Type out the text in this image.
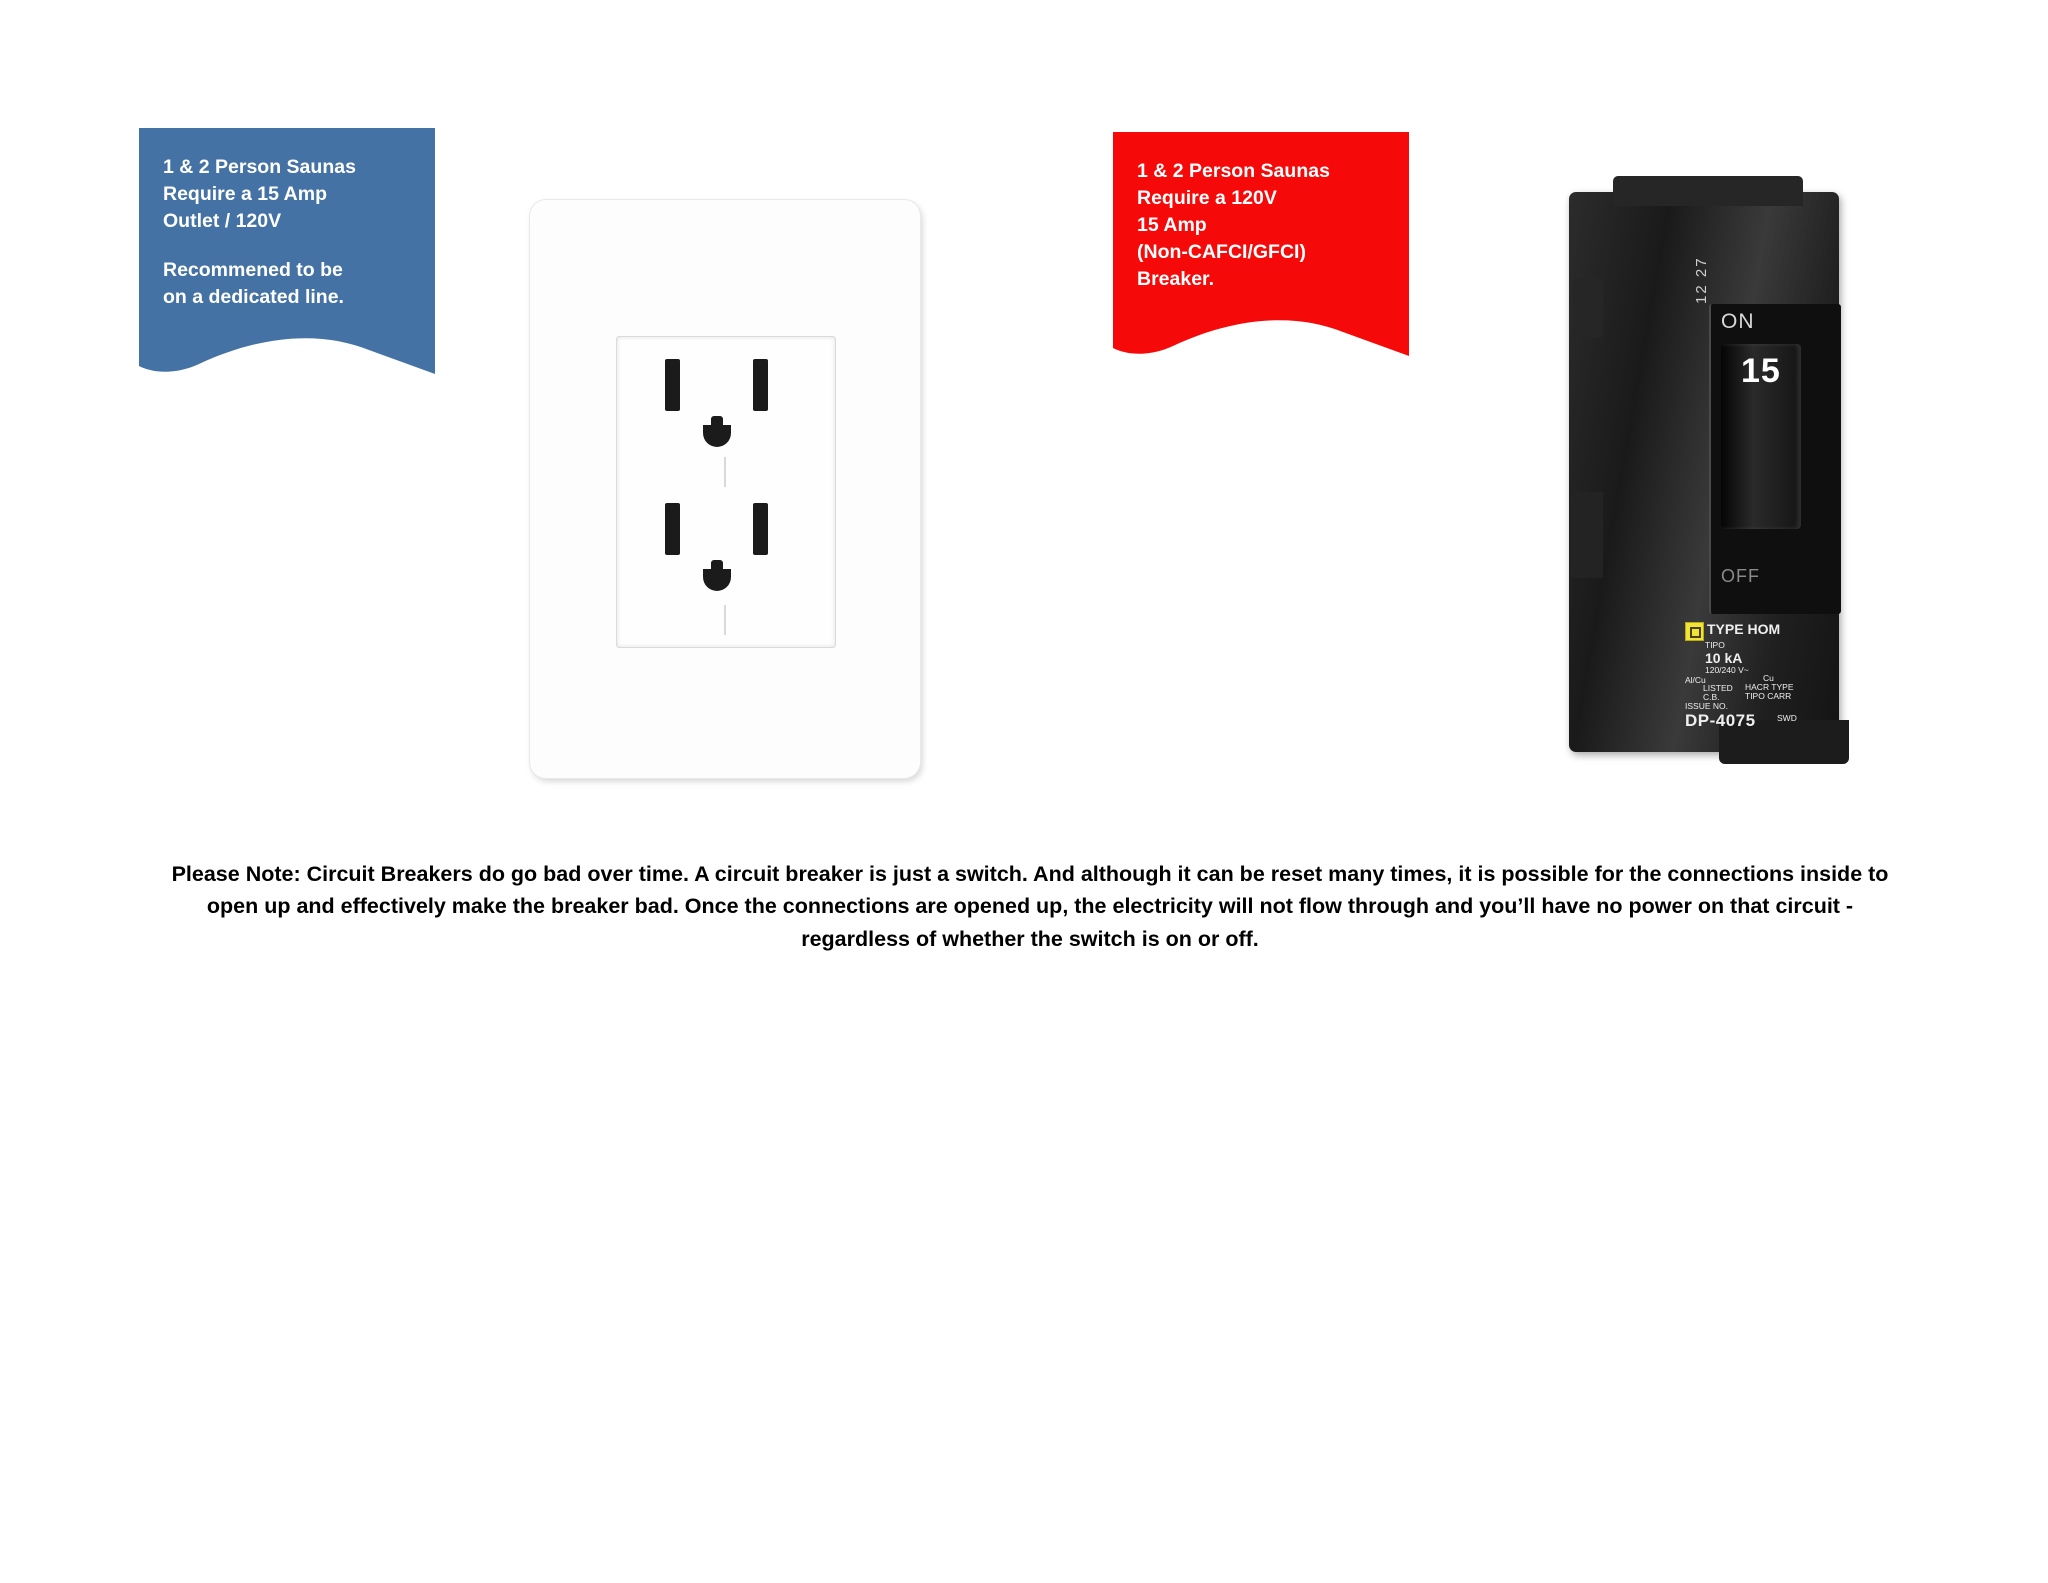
1 & 2 Person Saunas

Require a 15 Amp

Outlet / 120V

Recommened to be

on a dedicated line.

1 & 2 Person Saunas

Require a 120V

15 Amp

(Non-CAFCI/GFCI)

Breaker.	12 27
ON
15
OFF
TYPE HOM
TIPO
10 kA
120/240 V~
Al/Cu	Cu
LISTED
C.B.
HACR TYPE
TIPO CARR
ISSUE NO.
DP-4075	SWD
Please Note: Circuit Breakers do go bad over time. A circuit breaker is just a switch. And although it can be reset many times, it is possible for the connections inside to open up and effectively make the breaker bad. Once the connections are opened up, the electricity will not flow through and you’ll have no power on that circuit - regardless of whether the switch is on or off.
